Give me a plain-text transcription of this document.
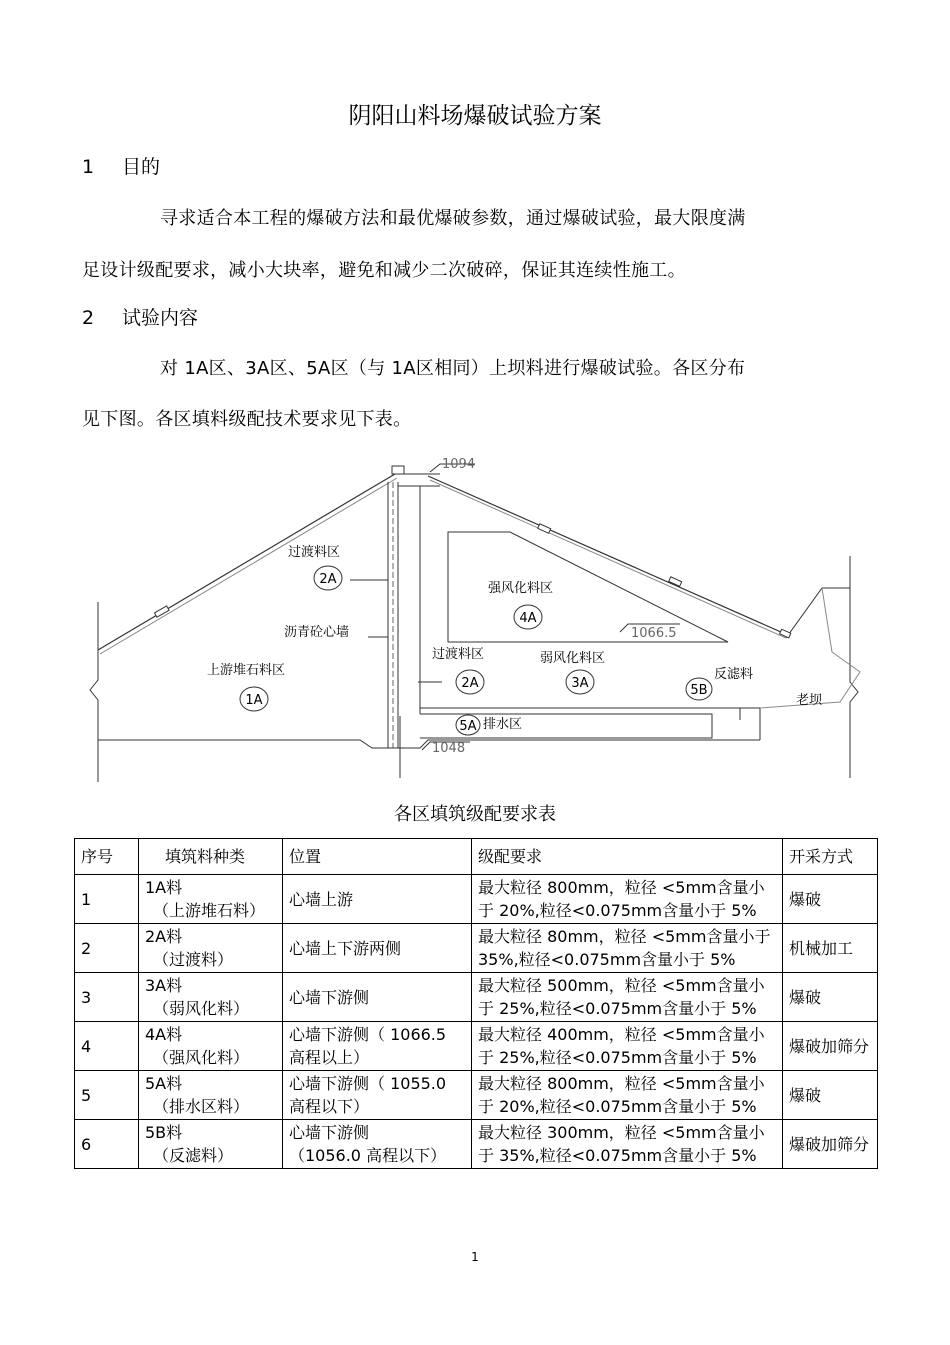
阴阳山料场爆破试验方案
1 目的
寻求适合本工程的爆破方法和最优爆破参数，通过爆破试验，最大限度满
足设计级配要求，减小大块率，避免和减少二次破碎，保证其连续性施工。
2 试验内容
对 1A区、3A区、5A区（与 1A区相同）上坝料进行爆破试验。各区分布
见下图。各区填料级配技术要求见下表。
1094
1048
1066.5
过渡料区
沥青砼心墙
上游堆石料区
强风化料区
过渡料区	弱风化料区
反滤料
排水区
老坝
2A
4A
1A
2A	3A	5B
5A
各区填筑级配要求表
序号	填筑料种类	位置	级配要求	开采方式
1	1A料
（上游堆石料）	心墙上游	最大粒径 800mm，粒径 <5mm含量小
于 20%,粒径<0.075mm含量小于 5%	爆破
2	2A料
（过渡料）	心墙上下游两侧	最大粒径 80mm，粒径 <5mm含量小于
35%,粒径<0.075mm含量小于 5%	机械加工
3	3A料
（弱风化料）	心墙下游侧	最大粒径 500mm，粒径 <5mm含量小
于 25%,粒径<0.075mm含量小于 5%	爆破
4	4A料
（强风化料）	心墙下游侧（ 1066.5
高程以上）	最大粒径 400mm，粒径 <5mm含量小
于 25%,粒径<0.075mm含量小于 5%	爆破加筛分
5	5A料
（排水区料）	心墙下游侧（ 1055.0
高程以下）	最大粒径 800mm，粒径 <5mm含量小
于 20%,粒径<0.075mm含量小于 5%	爆破
6	5B料
（反滤料）	心墙下游侧
（1056.0 高程以下）	最大粒径 300mm，粒径 <5mm含量小
于 35%,粒径<0.075mm含量小于 5%	爆破加筛分
1
